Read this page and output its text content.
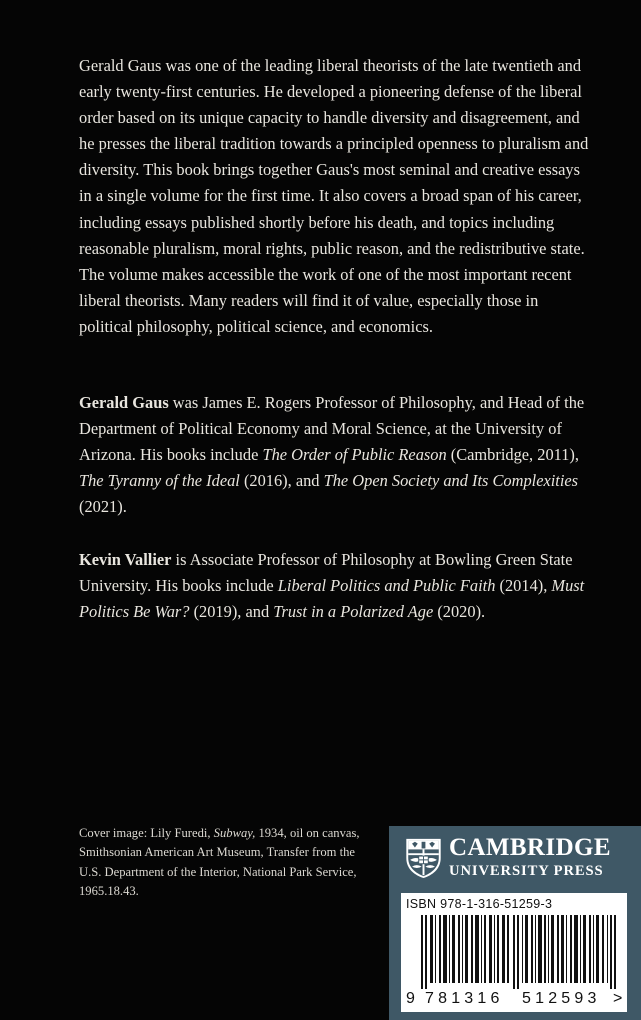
Gerald Gaus was one of the leading liberal theorists of the late twentieth and early twenty-first centuries. He developed a pioneering defense of the liberal order based on its unique capacity to handle diversity and disagreement, and he presses the liberal tradition towards a principled openness to pluralism and diversity. This book brings together Gaus's most seminal and creative essays in a single volume for the first time. It also covers a broad span of his career, including essays published shortly before his death, and topics including reasonable pluralism, moral rights, public reason, and the redistributive state. The volume makes accessible the work of one of the most important recent liberal theorists. Many readers will find it of value, especially those in political philosophy, political science, and economics.

Gerald Gaus was James E. Rogers Professor of Philosophy, and Head of the Department of Political Economy and Moral Science, at the University of Arizona. His books include The Order of Public Reason (Cambridge, 2011), The Tyranny of the Ideal (2016), and The Open Society and Its Complexities (2021).

Kevin Vallier is Associate Professor of Philosophy at Bowling Green State University. His books include Liberal Politics and Public Faith (2014), Must Politics Be War? (2019), and Trust in a Polarized Age (2020).

Cover image: Lily Furedi, Subway, 1934, oil on canvas, Smithsonian American Art Museum, Transfer from the U.S. Department of the Interior, National Park Service, 1965.18.43.
CAMBRIDGE
UNIVERSITY PRESS
ISBN 978-1-316-51259-3
9 781316 512593 >
